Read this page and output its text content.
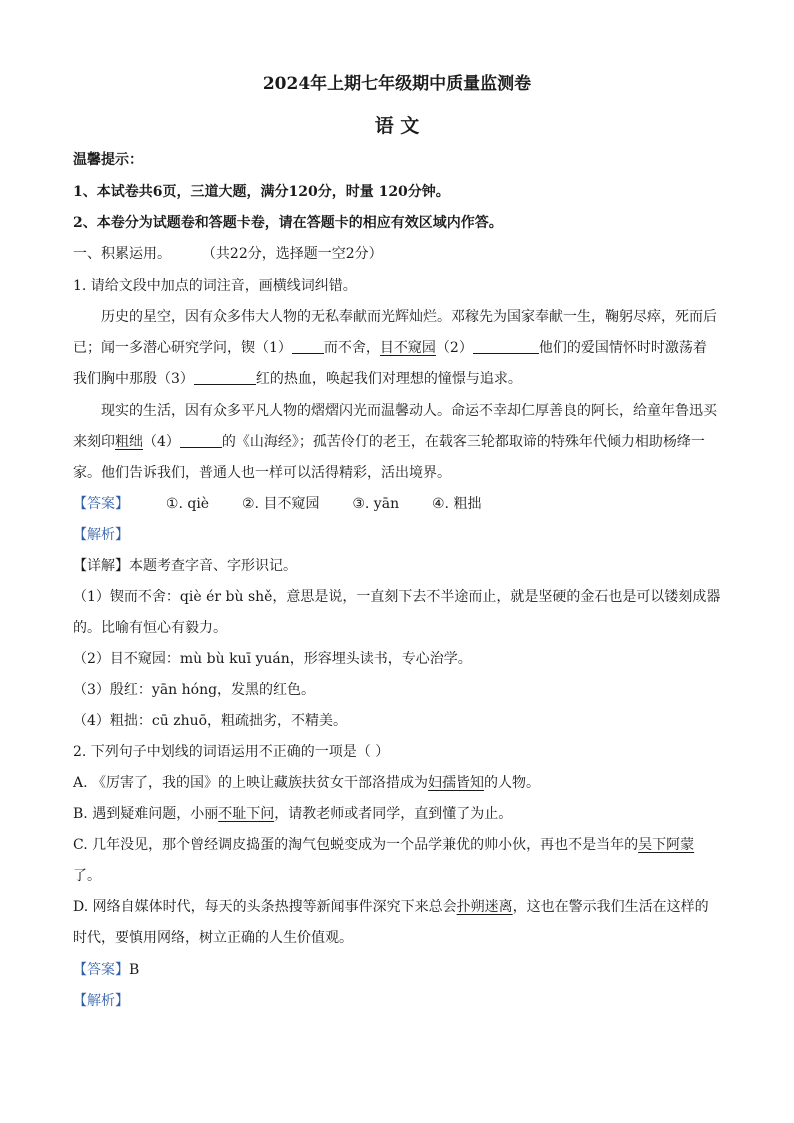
2024年上期七年级期中质量监测卷
语 文
温馨提示：
1、本试卷共6页，三道大题，满分120分，时量 120分钟。
2、本卷分为试题卷和答题卡卷，请在答题卡的相应有效区域内作答。
一、积累运用。 （共22分，选择题一空2分）
1. 请给文段中加点的词注音，画横线词纠错。
历史的星空，因有众多伟大人物的无私奉献而光辉灿烂。邓稼先为国家奉献一生，鞠躬尽瘁，死而后
已；闻一多潜心研究学问，锲（1） 而不舍，目不窥园（2）	他们的爱国情怀时时激荡着
我们胸中那殷（3）	红的热血，唤起我们对理想的憧憬与追求。
现实的生活，因有众多平凡人物的熠熠闪光而温馨动人。命运不幸却仁厚善良的阿长，给童年鲁迅买
来刻印粗绌（4）	的《山海经》；孤苦伶仃的老王，在载客三轮都取谛的特殊年代倾力相助杨绛一
家。他们告诉我们，普通人也一样可以活得精彩，活出境界。
【答案】	①. qiè ②. 目不窥园 ③. yān ④. 粗拙
【解析】
【详解】本题考查字音、字形识记。
（1）锲而不舍：qiè ér bù shě，意思是说，一直刻下去不半途而止，就是坚硬的金石也是可以镂刻成器
的。比喻有恒心有毅力。
（2）目不窥园：mù bù kuī yuán，形容埋头读书，专心治学。
（3）殷红：yān hóng，发黑的红色。
（4）粗拙：cū zhuō，粗疏拙劣，不精美。
2. 下列句子中划线的词语运用不正确的一项是（ ）
A. 《厉害了，我的国》的上映让藏族扶贫女干部洛措成为妇孺皆知的人物。
B. 遇到疑难问题，小丽不耻下问，请教老师或者同学，直到懂了为止。
C. 几年没见，那个曾经调皮捣蛋的淘气包蜕变成为一个品学兼优的帅小伙，再也不是当年的吴下阿蒙
了。
D. 网络自媒体时代，每天的头条热搜等新闻事件深究下来总会扑朔迷离，这也在警示我们生活在这样的
时代，要慎用网络，树立正确的人生价值观。
【答案】B
【解析】
